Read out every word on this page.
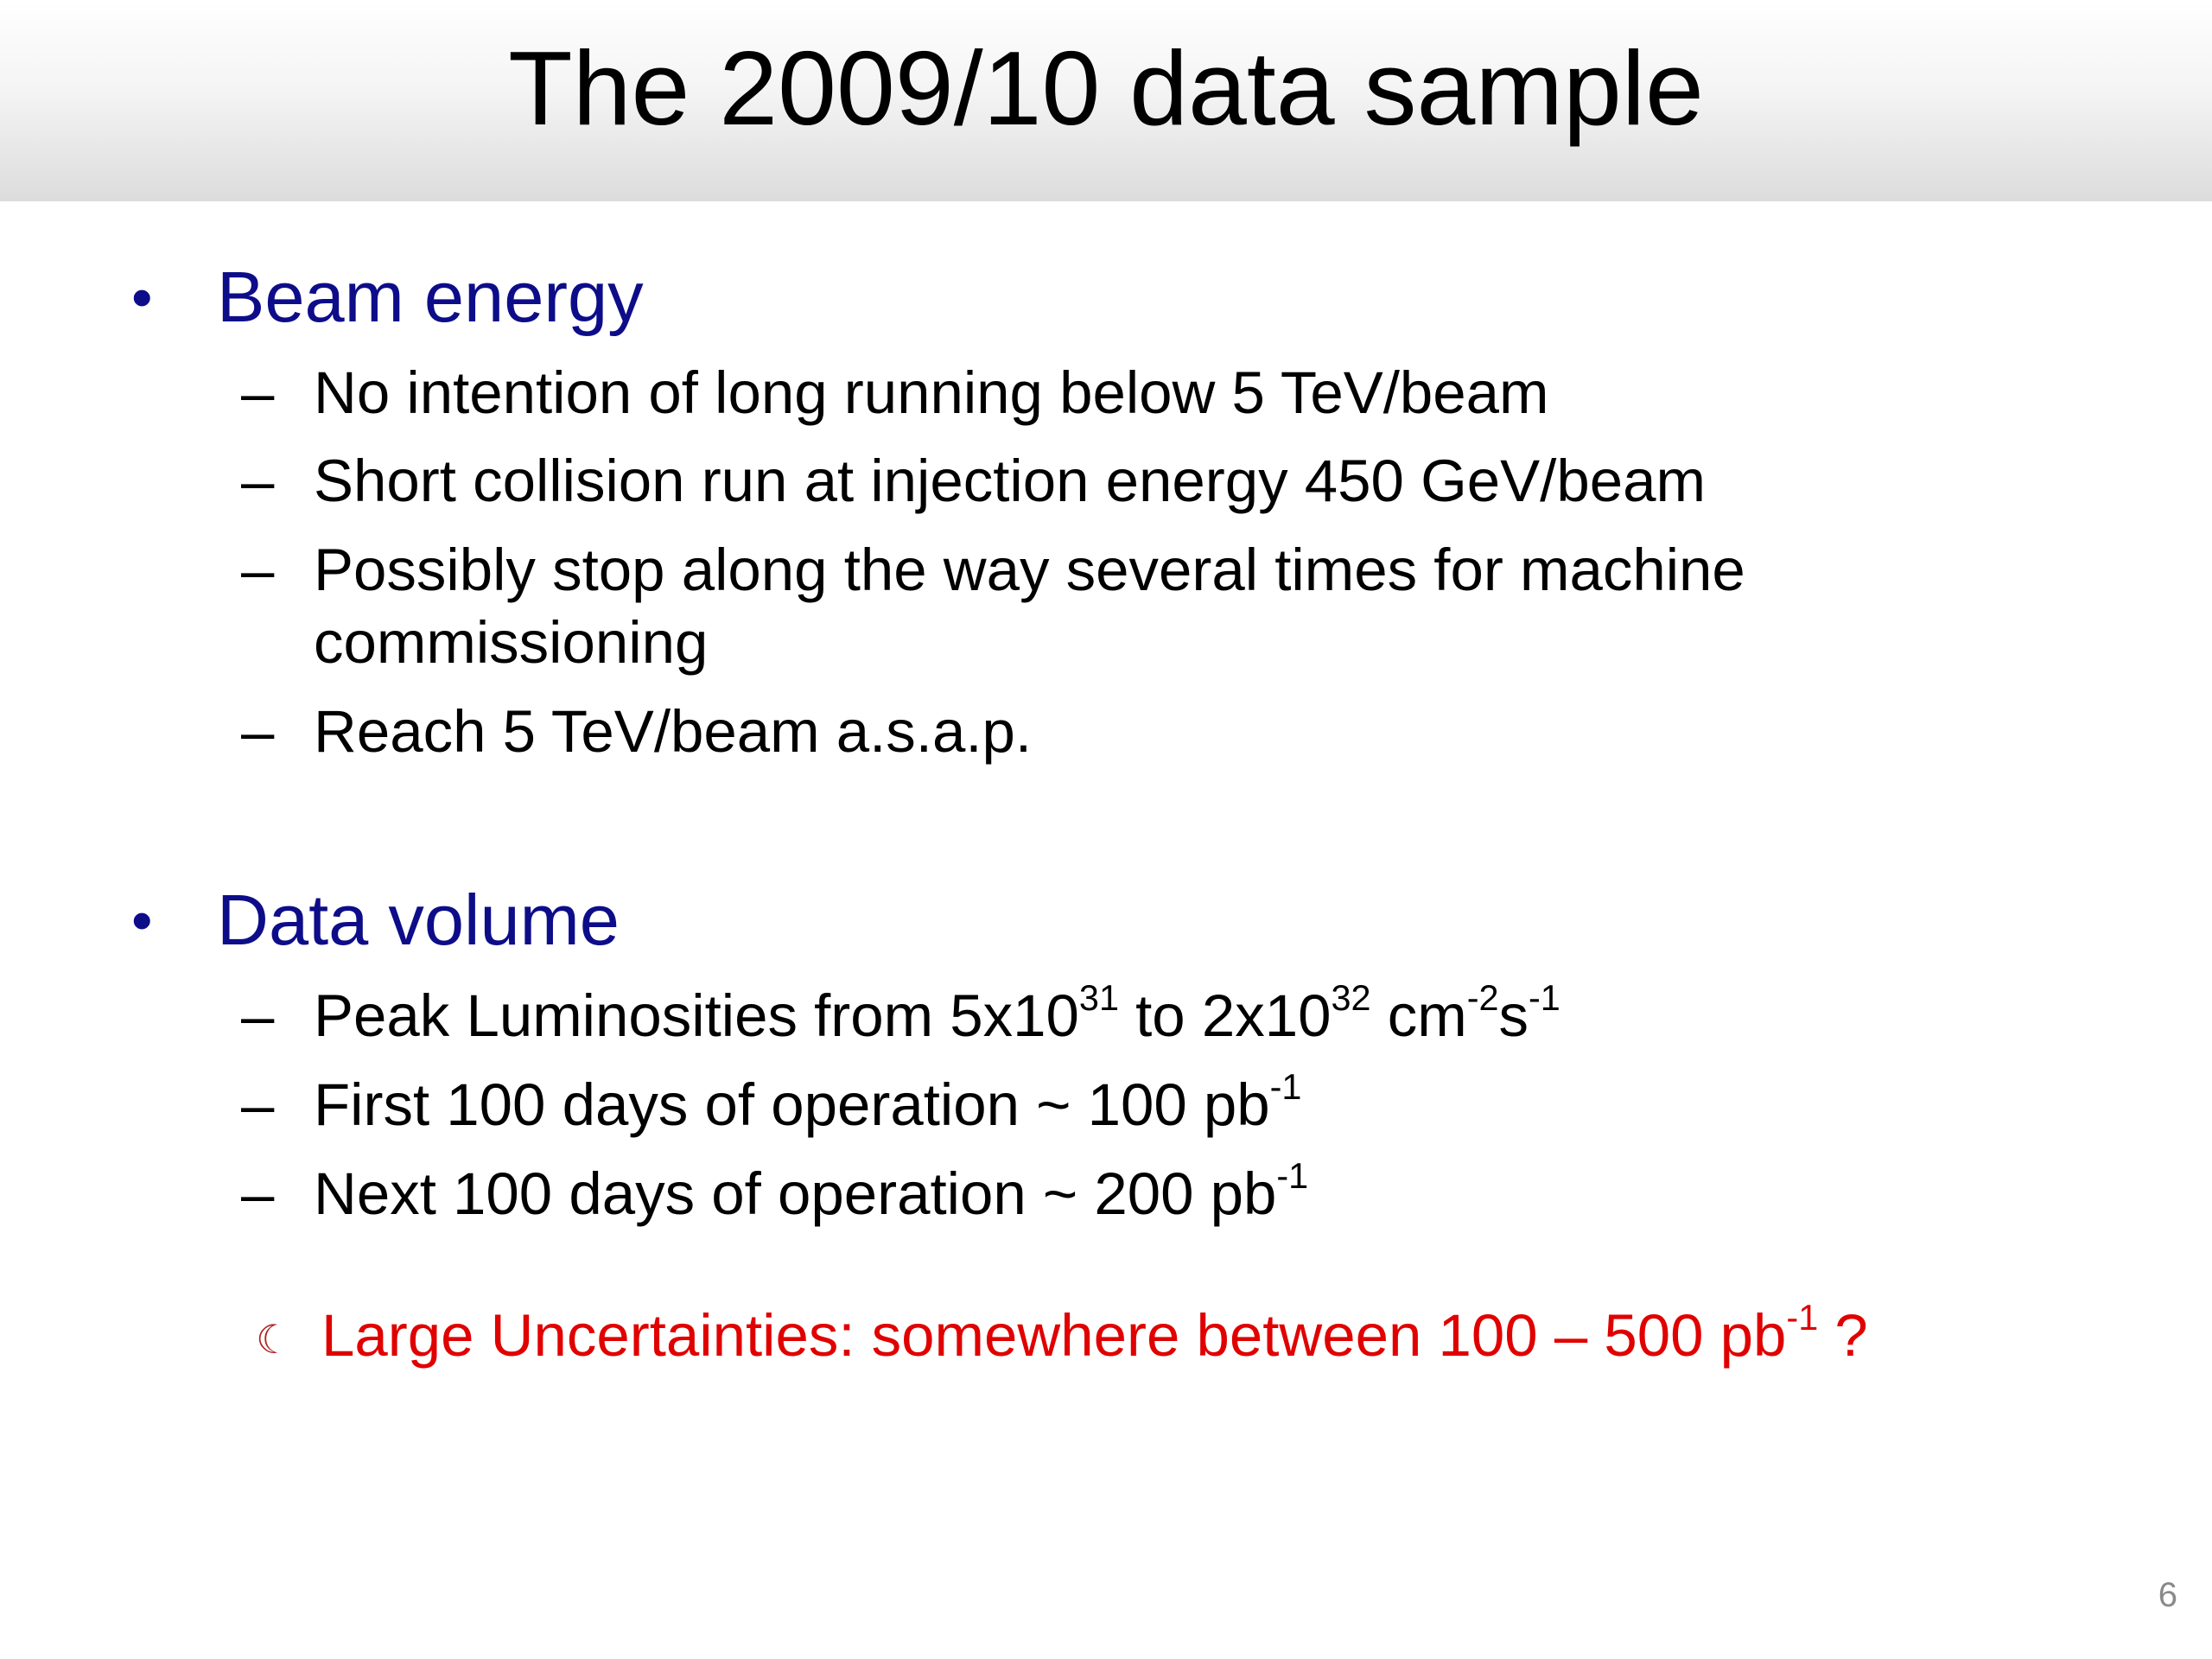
The 2009/10 data sample
• Beam energy
– No intention of long running below 5 TeV/beam
– Short collision run at injection energy 450 GeV/beam
– Possibly stop along the way several times for machine
commissioning
– Reach 5 TeV/beam a.s.a.p.
• Data volume
– Peak Luminosities from $5x10^{31}$ to $2x10^{32}$ $cm^{-2}s^{-1}$
– First 100 days of operation ~ 100 $pb^{-1}$
– Next 100 days of operation ~ 200 $pb^{-1}$
☾ Large Uncertainties: somewhere between 100 – 500 $pb^{-1}$ ?
6
